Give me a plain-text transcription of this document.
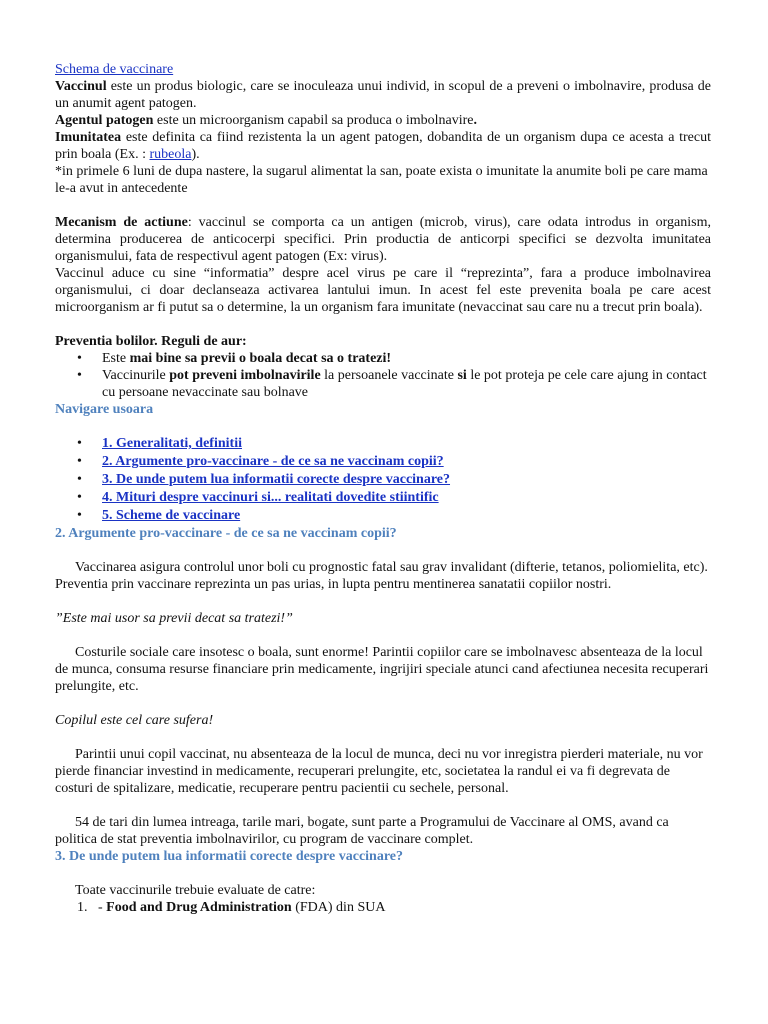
Schema de vaccinare

Vaccinul este un produs biologic, care se inoculeaza unui individ, in scopul de a preveni o imbolnavire, produsa de un anumit agent patogen.

Agentul patogen este un microorganism capabil sa produca o imbolnavire.

Imunitatea este definita ca fiind rezistenta la un agent patogen, dobandita de un organism dupa ce acesta a trecut prin boala (Ex. : rubeola).

*in primele 6 luni de dupa nastere, la sugarul alimentat la san, poate exista o imunitate la anumite boli pe care mama le-a avut in antecedente

Mecanism de actiune: vaccinul se comporta ca un antigen (microb, virus), care odata introdus in organism, determina producerea de anticocerpi specifici. Prin productia de anticorpi specifici se dezvolta imunitatea organismului, fata de respectivul agent patogen (Ex: virus).

Vaccinul aduce cu sine “informatia” despre acel virus pe care il “reprezinta”, fara a produce imbolnavirea organismului, ci doar declanseaza activarea lantului imun. In acest fel este prevenita boala pe care acest microorganism ar fi putut sa o determine, la un organism fara imunitate (nevaccinat sau care nu a trecut prin boala).

Preventia bolilor. Reguli de aur:

• Este mai bine sa previi o boala decat sa o tratezi!
• Vaccinurile pot preveni imbolnavirile la persoanele vaccinate si le pot proteja pe cele care ajung in contact cu persoane nevaccinate sau bolnave

Navigare usoara

• 1. Generalitati, definitii
• 2. Argumente pro-vaccinare - de ce sa ne vaccinam copii?
• 3. De unde putem lua informatii corecte despre vaccinare?
• 4. Mituri despre vaccinuri si... realitati dovedite stiintific
• 5. Scheme de vaccinare

2. Argumente pro-vaccinare - de ce sa ne vaccinam copii?

Vaccinarea asigura controlul unor boli cu prognostic fatal sau grav invalidant (difterie, tetanos, poliomielita, etc). Preventia prin vaccinare reprezinta un pas urias, in lupta pentru mentinerea sanatatii copiilor nostri.

”Este mai usor sa previi decat sa tratezi!”

Costurile sociale care insotesc o boala, sunt enorme! Parintii copiilor care se imbolnavesc absenteaza de la locul de munca, consuma resurse financiare prin medicamente, ingrijiri speciale atunci cand afectiunea necesita recuperari prelungite, etc.

Copilul este cel care sufera!

Parintii unui copil vaccinat, nu absenteaza de la locul de munca, deci nu vor inregistra pierderi materiale, nu vor pierde financiar investind in medicamente, recuperari prelungite, etc, societatea la randul ei va fi degrevata de costuri de spitalizare, medicatie, recuperare pentru pacientii cu sechele, personal.

54 de tari din lumea intreaga, tarile mari, bogate, sunt parte a Programului de Vaccinare al OMS, avand ca politica de stat preventia imbolnavirilor, cu program de vaccinare complet.

3. De unde putem lua informatii corecte despre vaccinare?

Toate vaccinurile trebuie evaluate de catre:

1. - Food and Drug Administration (FDA) din SUA
